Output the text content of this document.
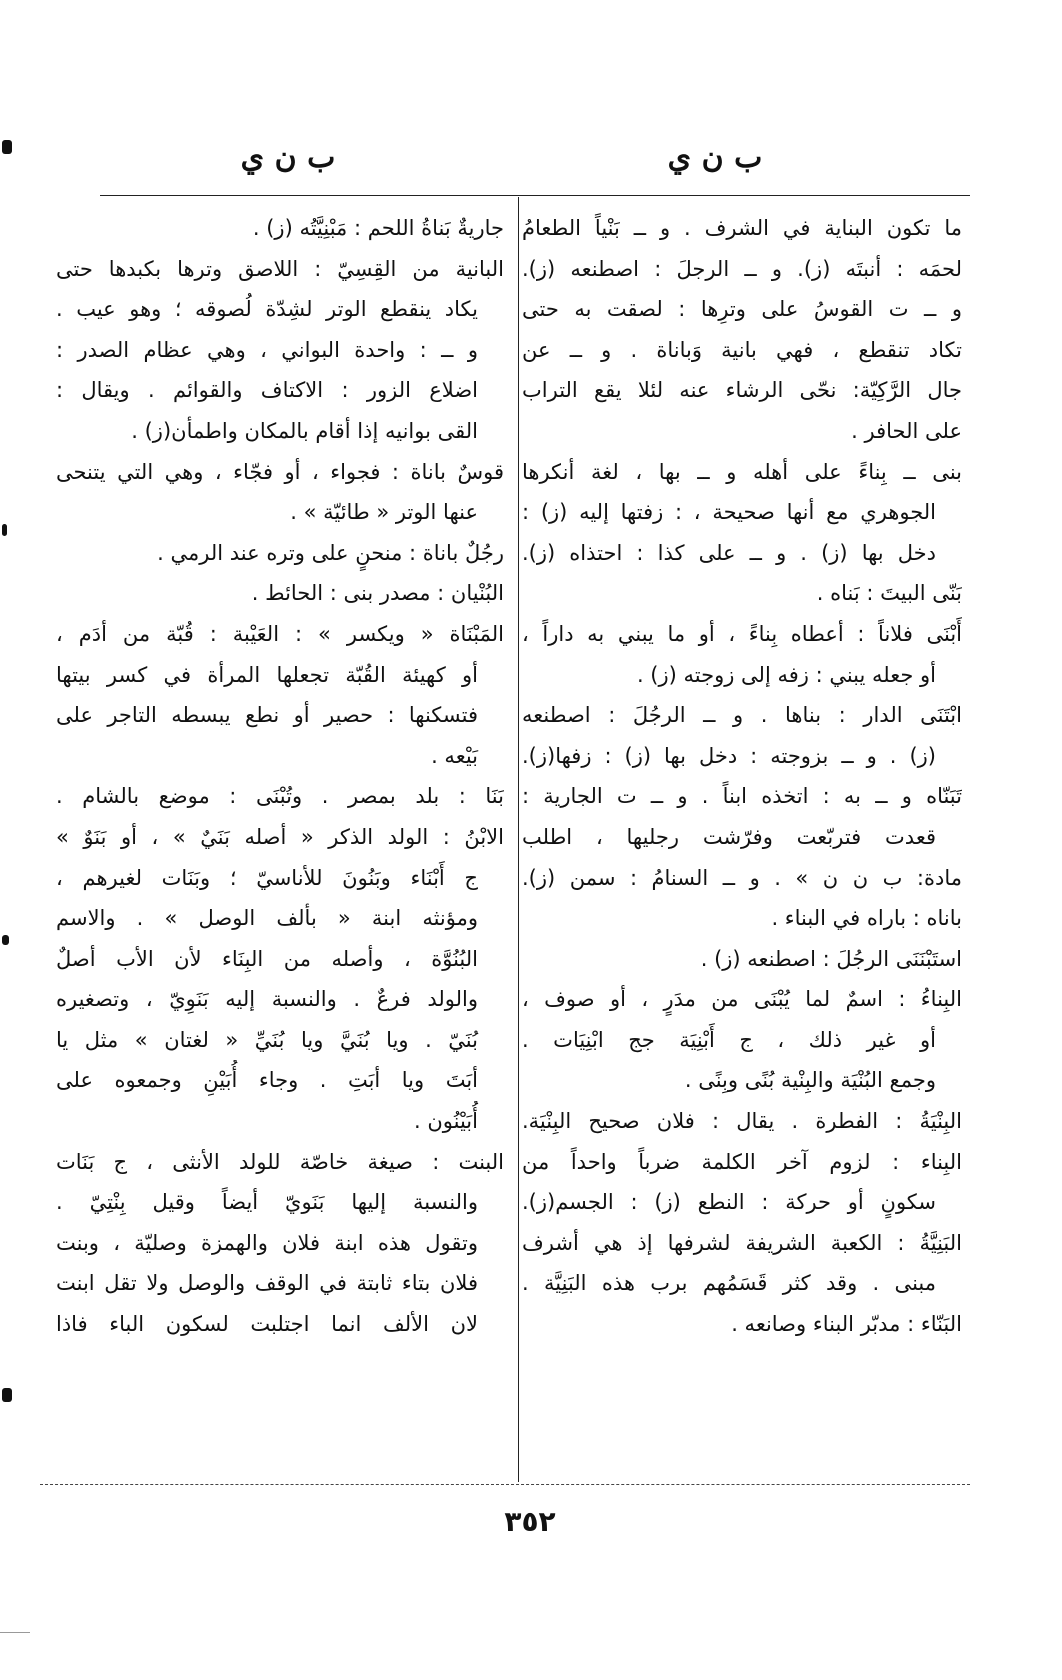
ب ن ي
ب ن ي
ما تكون البناية في الشرف . و ــ بَنْياً الطعامُ
لحمَه : أنبتَه (ز). و ــ الرجلَ : اصطنعه (ز).
و ــ ت القوسُ على وترِها : لصقت به حتى
تكاد تنقطع ، فهي بانية وَباناة . و ــ عن
جال الرَّكِيّة: نحّى الرشاء عنه لئلا يقع التراب
على الحافر .
بنى ــ بِناءً على أهله و ــ بها ، لغة أنكرها
الجوهري مع أنها صحيحة ، : زفتها إليه (ز) :
دخل بها (ز) . و ــ على كذا : احتذاه (ز).
بَنّى البيتَ : بَناه .
أَبْنَى فلاناً : أعطاه بِناءً ، أو ما يبني به داراً ،
أو جعله يبني : زفه إلى زوجته (ز) .
ابْتَنَى الدار : بناها . و ــ الرجُلَ : اصطنعه
(ز) . و ــ بزوجته : دخل بها (ز) : زفها(ز).
تَبَنّاه و ــ به : اتخذه ابناً . و ــ ت الجارية :
قعدت فتربّعت وفرّشت رجليها ، اطلب
مادة: ب ن ن » . و ــ السنامُ : سمن (ز).
باناه : باراه في البناء .
استَبْنَنَى الرجُلَ : اصطنعه (ز) .
البِناءُ : اسمٌ لما يُبْنَى من مدَرٍ ، أو صوف ،
أو غير ذلك ، ج أَبْنِيَة جج ابْنِيَات .
وجمع البُنْيَة والبِنْية بُنًى وبِنًى .
البِنْيَةُ : الفطرة . يقال : فلان صحيح البِنْيَة.
البِناء : لزوم آخر الكلمة ضرباً واحداً من
سكونٍ أو حركة : النطع (ز) : الجسم(ز).
البَنِيَّةُ : الكعبة الشريفة لشرفها إذ هي أشرف
مبنى . وقد كثر قَسَمُهم برب هذه البَنِيَّة .
البَنّاء : مدبّر البناء وصانعه .
جاريةٌ بَناةُ اللحم : مَبْنِيَّتُه (ز) .
البانية من القِسِيّ : اللاصق وترها بكبدها حتى
يكاد ينقطع الوتر لشِدّة لُصوقه ؛ وهو عيب .
و ــ : واحدة البواني ، وهي عظام الصدر :
اضلاع الزور : الاكتاف والقوائم . ويقال :
القى بوانيه إذا أقام بالمكان واطمأن(ز) .
قوسٌ باناة : فجواء ، أو فجّاء ، وهي التي يتنحى
عنها الوتر « طائيّة » .
رجُلٌ باناة : منحنٍ على وتره عند الرمي .
البُنْيان : مصدر بنى : الحائط .
المَبْنَاة « ويكسر » : العَيْبة : قُبّة من أدَم ،
أو كهيئة القُبّة تجعلها المرأة في كسر بيتها
فتسكنها : حصير أو نطع يبسطه التاجر على
بَيْعه .
بَنَا : بلد بمصر . وتُبْنَى : موضع بالشام .
الابْنُ : الولد الذكر « أصله بَنَيٌ » ، أو بَنَوٌ »
ج أَبْنَاء وبَنُونَ للأناسيّ ؛ وبَنَات لغيرهم ،
ومؤنثه ابنة « بألف الوصل » . والاسم
البُنُوَّة ، وأصله من البِنَاء لأن الأب أصلٌ
والولد فرعٌ . والنسبة إليه بَنَوِيّ ، وتصغيره
بُنَيّ . ويا بُنَيَّ ويا بُنَيِّ « لغتان » مثل يا
أبَتَ ويا أبَتِ . وجاء أُبَيْنِ وجمعوه على
أُبَيْنُون .
البنت : صيغة خاصّة للولد الأنثى ، ج بَنَات
والنسبة إليها بَنَويّ أيضاً وقيل بِنْتِيّ .
وتقول هذه ابنة فلان والهمزة وصليّة ، وبنت
فلان بتاء ثابتة في الوقف والوصل ولا تقل ابنت
لان الألف انما اجتلبت لسكون الباء فاذا
٣٥٢
